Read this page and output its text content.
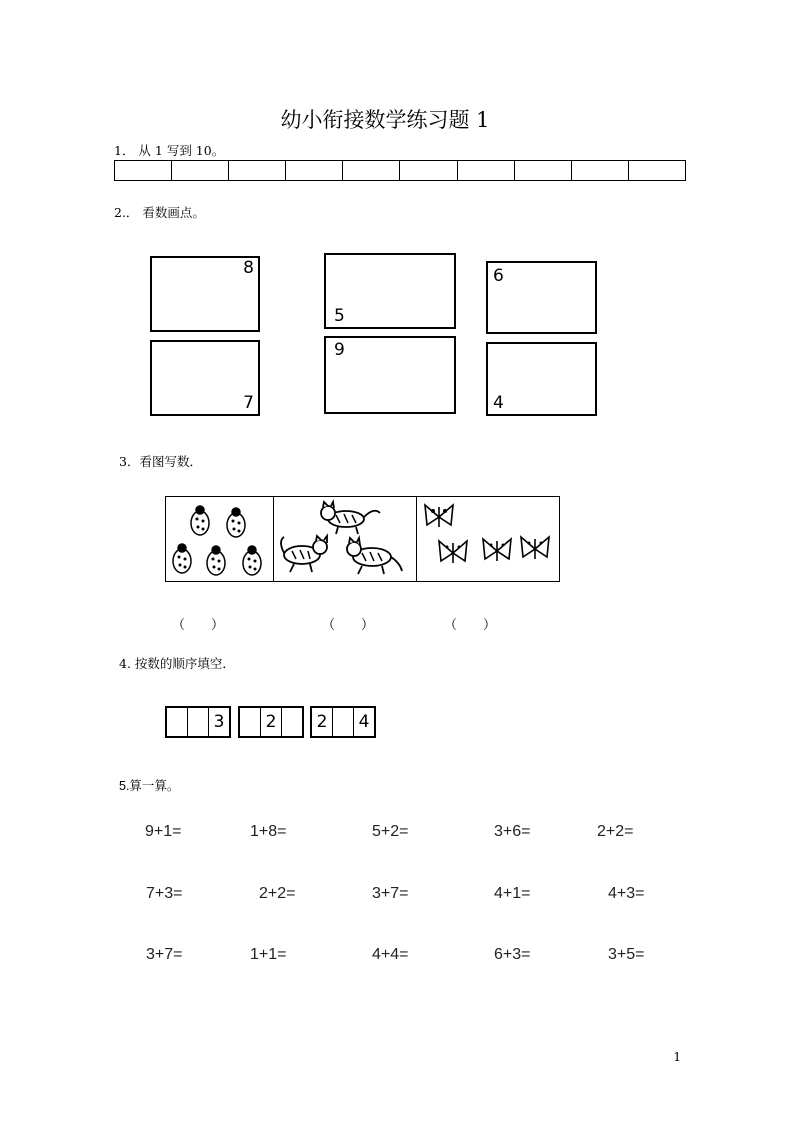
幼小衔接数学练习题 1
1． 从 1 写到 10。

2.． 看数画点。
8
5
6
7
9
4
3．看图写数．
（　　）	（　　）	（　　）
4. 按数的顺序填空．
3 2	2	4
5.算一算。
9+1=	1+8=	5+2=	3+6=	2+2=
7+3=	2+2=	3+7=	4+1=	4+3=
3+7=	1+1=	4+4=	6+3=	3+5=
1
